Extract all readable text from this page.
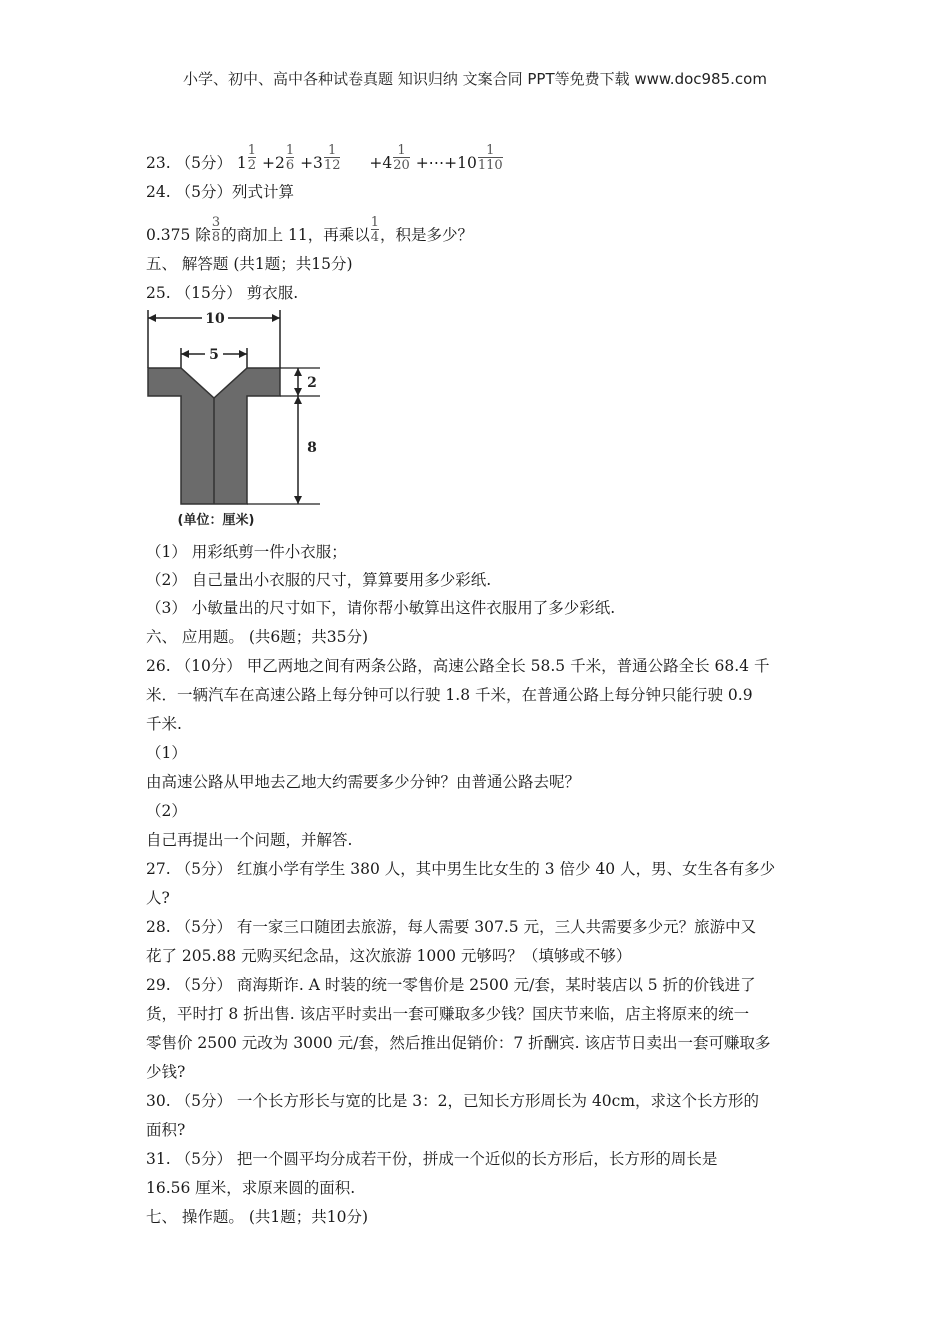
小学、初中、高中各种试卷真题 知识归纳 文案合同 PPT等免费下载 www.doc985.com
23. （5分） $1 \frac{1}{2} +2 \frac{1}{6} +3 \frac{1}{12} +4 \frac{1}{20}$ +⋯+10 $\frac{1}{110}$
24. （5分）列式计算
0.375 除 $\frac{3}{8}$ 的商加上 11，再乘以 $\frac{1}{4}$ ，积是多少？
五、 解答题 (共1题；共15分)
25. （15分） 剪衣服.
（1） 用彩纸剪一件小衣服；
（2） 自己量出小衣服的尺寸，算算要用多少彩纸.
（3） 小敏量出的尺寸如下，请你帮小敏算出这件衣服用了多少彩纸.
六、 应用题。 (共6题；共35分)
26. （10分） 甲乙两地之间有两条公路，高速公路全长 58.5 千米，普通公路全长 68.4 千
米．一辆汽车在高速公路上每分钟可以行驶 1.8 千米，在普通公路上每分钟只能行驶 0.9
千米.
（1）
由高速公路从甲地去乙地大约需要多少分钟？由普通公路去呢？
（2）
自己再提出一个问题，并解答.
27. （5分） 红旗小学有学生 380 人，其中男生比女生的 3 倍少 40 人，男、女生各有多少
人?
28. （5分） 有一家三口随团去旅游，每人需要 307.5 元，三人共需要多少元？旅游中又
花了 205.88 元购买纪念品，这次旅游 1000 元够吗？（填够或不够）
29. （5分） 商海斯诈. A 时装的统一零售价是 2500 元/套，某时装店以 5 折的价钱进了
货，平时打 8 折出售. 该店平时卖出一套可赚取多少钱？国庆节来临，店主将原来的统一
零售价 2500 元改为 3000 元/套，然后推出促销价：7 折酬宾. 该店节日卖出一套可赚取多
少钱?
30. （5分） 一个长方形长与宽的比是 3：2，已知长方形周长为 40cm，求这个长方形的
面积?
31. （5分） 把一个圆平均分成若干份，拼成一个近似的长方形后，长方形的周长是
16.56 厘米，求原来圆的面积.
七、 操作题。 (共1题；共10分)
10
5
2
8
(单位：厘米)
